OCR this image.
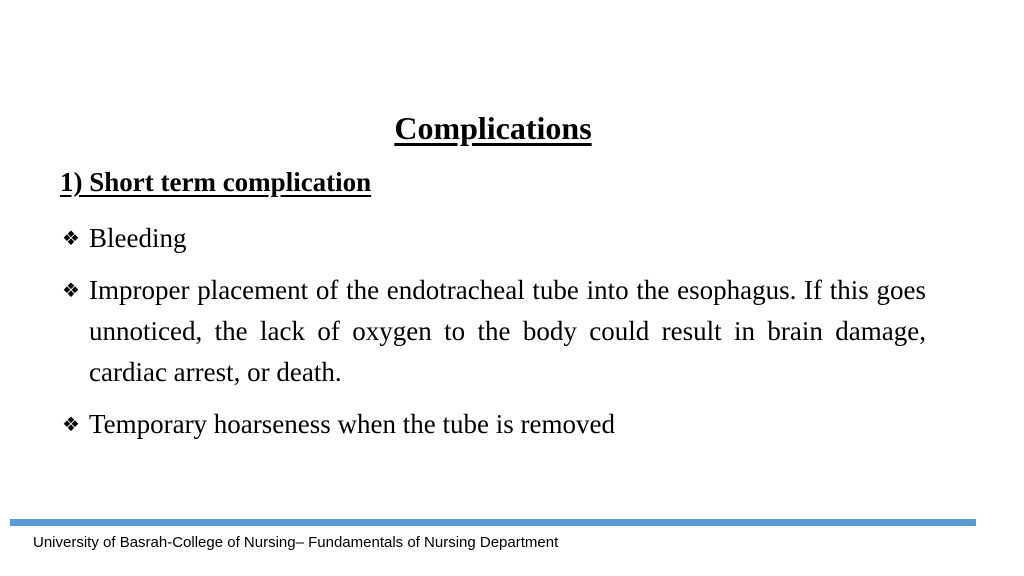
Complications
1) Short term complication
❖ Bleeding
❖ Improper placement of the endotracheal tube into the esophagus. If this goes unnoticed, the lack of oxygen to the body could result in brain damage, cardiac arrest, or death.
❖ Temporary hoarseness when the tube is removed
University of Basrah-College of Nursing– Fundamentals of Nursing Department
